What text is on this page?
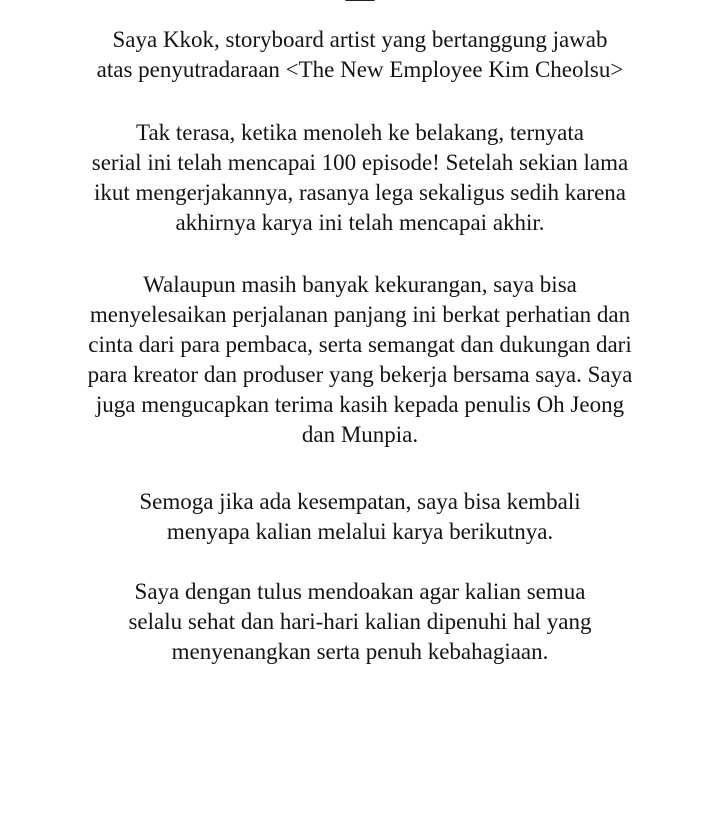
Saya Kkok, storyboard artist yang bertanggung jawab
atas penyutradaraan <The New Employee Kim Cheolsu>
Tak terasa, ketika menoleh ke belakang, ternyata
serial ini telah mencapai 100 episode! Setelah sekian lama
ikut mengerjakannya, rasanya lega sekaligus sedih karena
akhirnya karya ini telah mencapai akhir.
Walaupun masih banyak kekurangan, saya bisa
menyelesaikan perjalanan panjang ini berkat perhatian dan
cinta dari para pembaca, serta semangat dan dukungan dari
para kreator dan produser yang bekerja bersama saya. Saya
juga mengucapkan terima kasih kepada penulis Oh Jeong
dan Munpia.
Semoga jika ada kesempatan, saya bisa kembali
menyapa kalian melalui karya berikutnya.
Saya dengan tulus mendoakan agar kalian semua
selalu sehat dan hari-hari kalian dipenuhi hal yang
menyenangkan serta penuh kebahagiaan.
